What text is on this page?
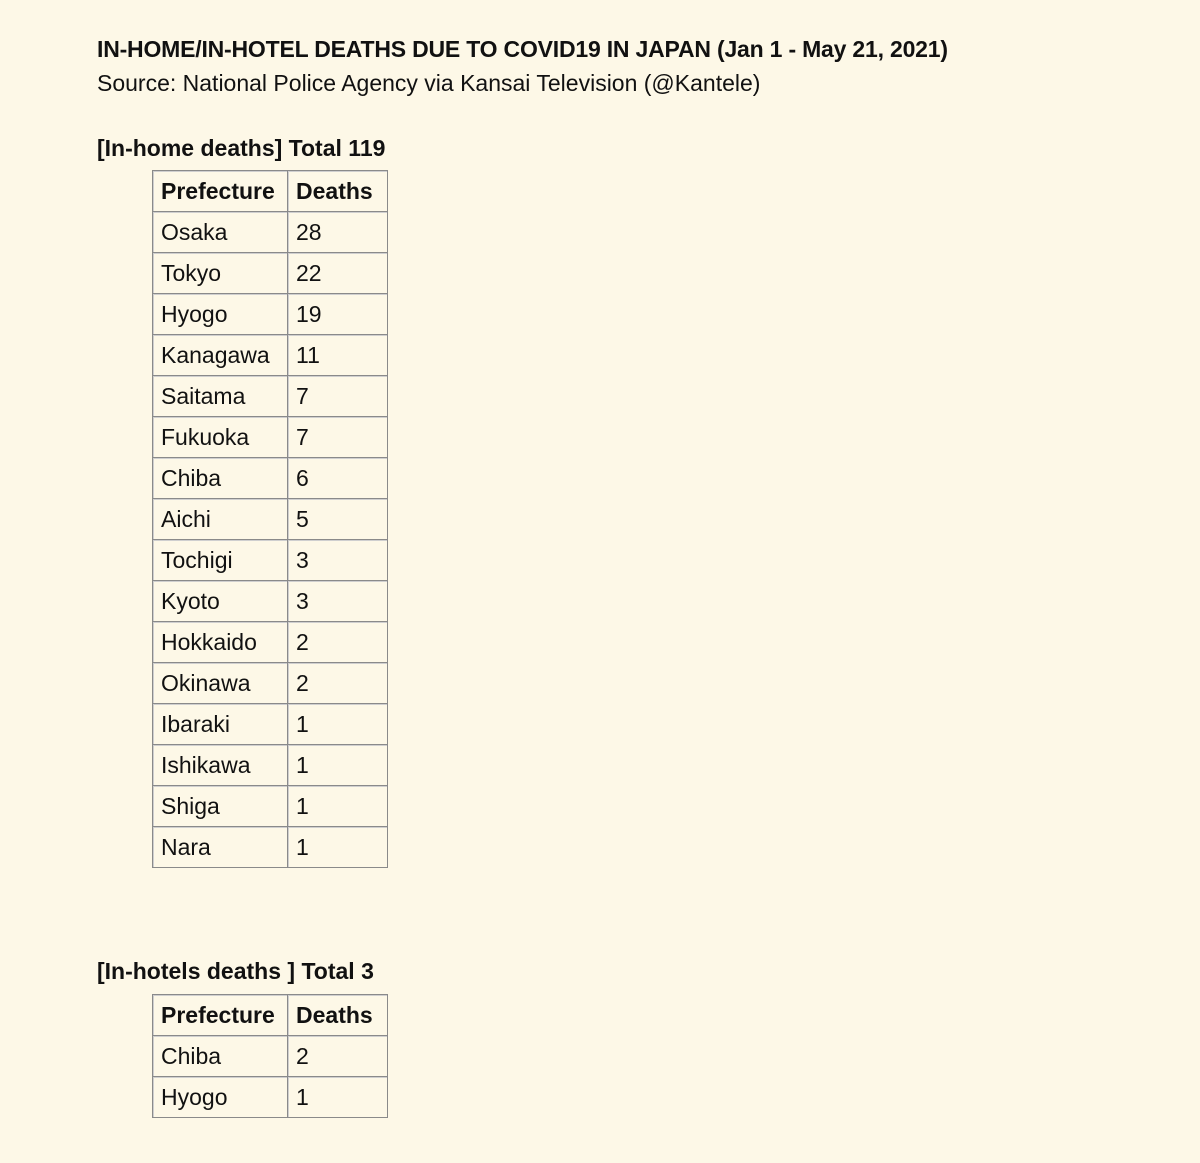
IN-HOME/IN-HOTEL DEATHS DUE TO COVID19 IN JAPAN (Jan 1 - May 21, 2021)
Source: National Police Agency via Kansai Television (@Kantele)
[In-home deaths] Total 119
Prefecture	Deaths
Osaka	28
Tokyo	22
Hyogo	19
Kanagawa	11
Saitama	7
Fukuoka	7
Chiba	6
Aichi	5
Tochigi	3
Kyoto	3
Hokkaido	2
Okinawa	2
Ibaraki	1
Ishikawa	1
Shiga	1
Nara	1
[In-hotels deaths ] Total 3
Prefecture	Deaths
Chiba	2
Hyogo	1
